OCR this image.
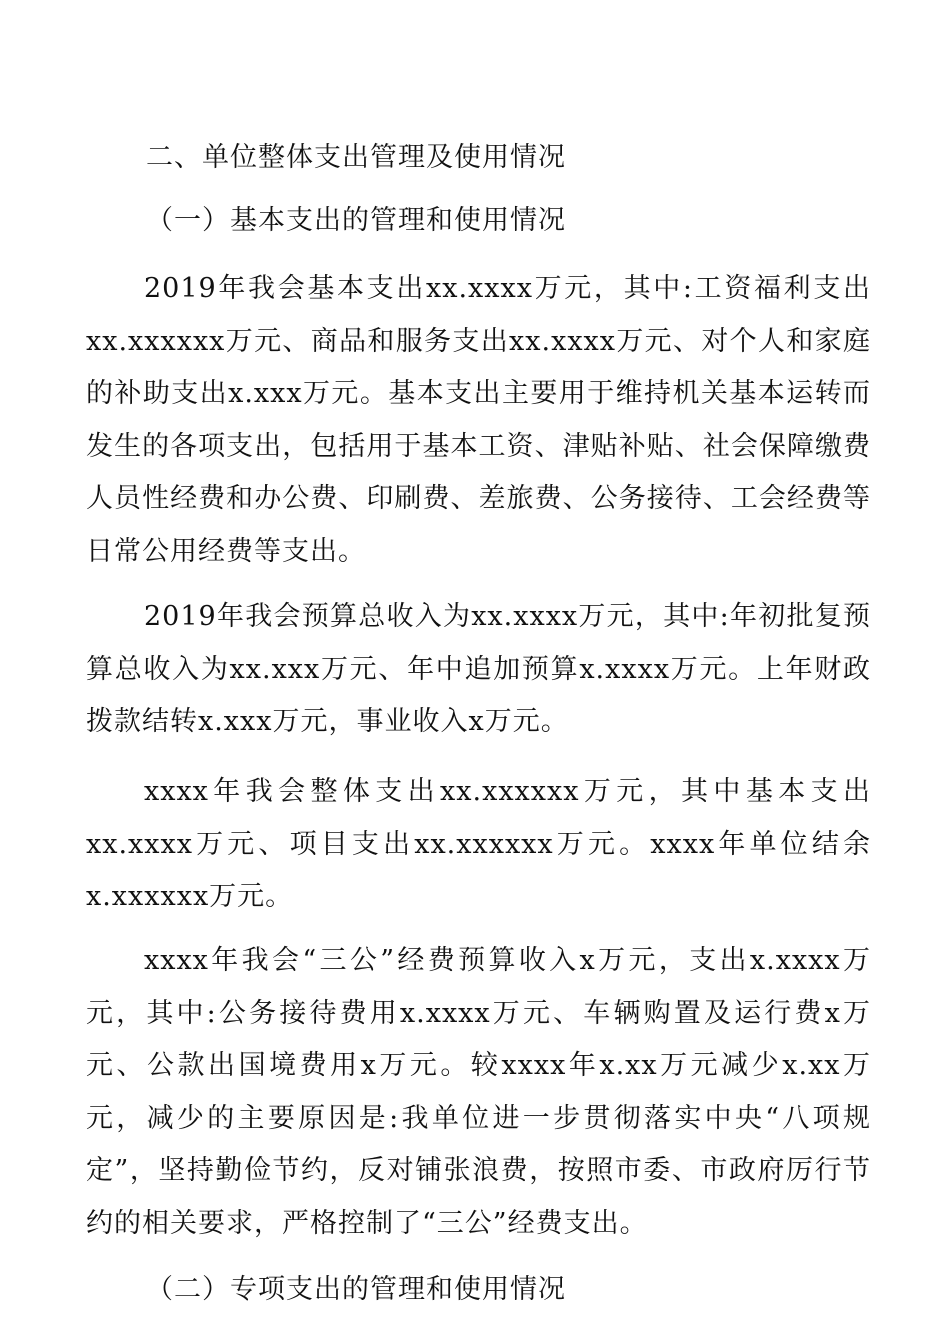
二、单位整体支出管理及使用情况
（一）基本支出的管理和使用情况

2019年我会基本支出xx.xxxx万元，其中:工资福利支出xx.xxxxxx万元、商品和服务支出xx.xxxx万元、对个人和家庭的补助支出x.xxx万元。基本支出主要用于维持机关基本运转而发生的各项支出，包括用于基本工资、津贴补贴、社会保障缴费人员性经费和办公费、印刷费、差旅费、公务接待、工会经费等日常公用经费等支出。

2019年我会预算总收入为xx.xxxx万元，其中:年初批复预算总收入为xx.xxx万元、年中追加预算x.xxxx万元。上年财政拨款结转x.xxx万元，事业收入x万元。

xxxx年我会整体支出xx.xxxxxx万元，其中基本支出 xx.xxxx万元、项目支出xx.xxxxxx万元。xxxx年单位结余x.xxxxxx万元。

xxxx年我会“三公”经费预算收入x万元，支出x.xxxx万元，其中:公务接待费用x.xxxx万元、车辆购置及运行费x万元、公款出国境费用x万元。较xxxx年x.xx万元减少x.xx万元，减少的主要原因是:我单位进一步贯彻落实中央“八项规定”，坚持勤俭节约，反对铺张浪费，按照市委、市政府厉行节约的相关要求，严格控制了“三公”经费支出。

（二）专项支出的管理和使用情况
